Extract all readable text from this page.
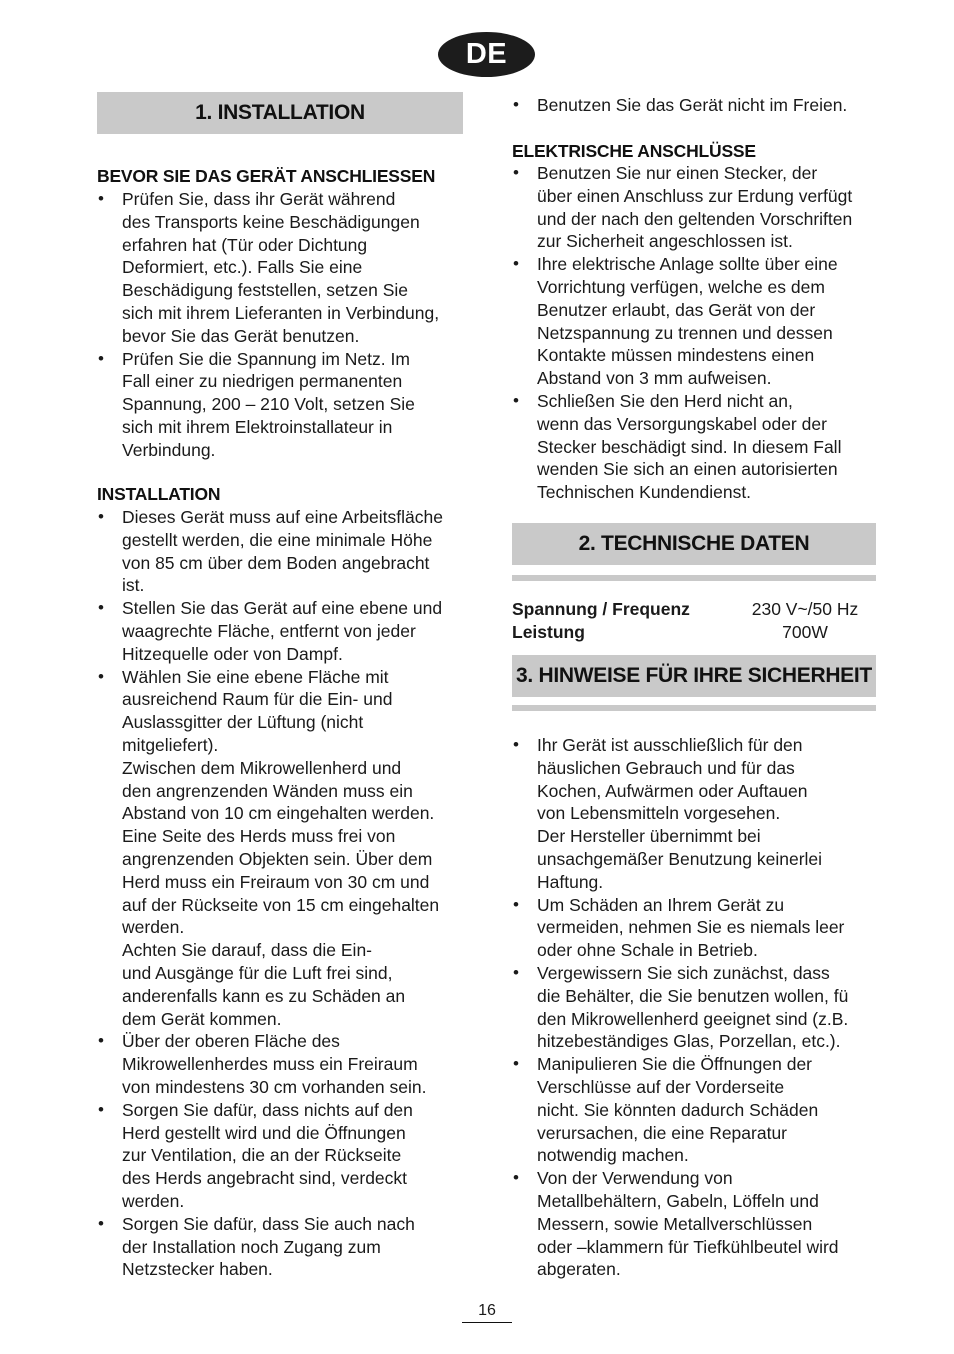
DE
1. INSTALLATION
BEVOR SIE DAS GERÄT ANSCHLIESSEN
• Prüfen Sie, dass ihr Gerät während
des Transports keine Beschädigungen
erfahren hat (Tür oder Dichtung
Deformiert, etc.). Falls Sie eine
Beschädigung feststellen, setzen Sie
sich mit ihrem Lieferanten in Verbindung,
bevor Sie das Gerät benutzen.
• Prüfen Sie die Spannung im Netz. Im
Fall einer zu niedrigen permanenten
Spannung, 200 – 210 Volt, setzen Sie
sich mit ihrem Elektroinstallateur in
Verbindung.
INSTALLATION
• Dieses Gerät muss auf eine Arbeitsfläche
gestellt werden, die eine minimale Höhe
von 85 cm über dem Boden angebracht
ist.
• Stellen Sie das Gerät auf eine ebene und
waagrechte Fläche, entfernt von jeder
Hitzequelle oder von Dampf.
• Wählen Sie eine ebene Fläche mit
ausreichend Raum für die Ein- und
Auslassgitter der Lüftung (nicht
mitgeliefert).
Zwischen dem Mikrowellenherd und
den angrenzenden Wänden muss ein
Abstand von 10 cm eingehalten werden.
Eine Seite des Herds muss frei von
angrenzenden Objekten sein. Über dem
Herd muss ein Freiraum von 30 cm und
auf der Rückseite von 15 cm eingehalten
werden.
Achten Sie darauf, dass die Ein-
und Ausgänge für die Luft frei sind,
anderenfalls kann es zu Schäden an
dem Gerät kommen.
• Über der oberen Fläche des
Mikrowellenherdes muss ein Freiraum
von mindestens 30 cm vorhanden sein.
• Sorgen Sie dafür, dass nichts auf den
Herd gestellt wird und die Öffnungen
zur Ventilation, die an der Rückseite
des Herds angebracht sind, verdeckt
werden.
• Sorgen Sie dafür, dass Sie auch nach
der Installation noch Zugang zum
Netzstecker haben.
• Benutzen Sie das Gerät nicht im Freien.
ELEKTRISCHE ANSCHLÜSSE
• Benutzen Sie nur einen Stecker, der
über einen Anschluss zur Erdung verfügt
und der nach den geltenden Vorschriften
zur Sicherheit angeschlossen ist.
• Ihre elektrische Anlage sollte über eine
Vorrichtung verfügen, welche es dem
Benutzer erlaubt, das Gerät von der
Netzspannung zu trennen und dessen
Kontakte müssen mindestens einen
Abstand von 3 mm aufweisen.
• Schließen Sie den Herd nicht an,
wenn das Versorgungskabel oder der
Stecker beschädigt sind. In diesem Fall
wenden Sie sich an einen autorisierten
Technischen Kundendienst.
2. TECHNISCHE DATEN
Spannung / Frequenz	230 V~/50 Hz
Leistung	700W
3. HINWEISE FÜR IHRE SICHERHEIT
• Ihr Gerät ist ausschließlich für den
häuslichen Gebrauch und für das
Kochen, Aufwärmen oder Auftauen
von Lebensmitteln vorgesehen.
Der Hersteller übernimmt bei
unsachgemäßer Benutzung keinerlei
Haftung.
• Um Schäden an Ihrem Gerät zu
vermeiden, nehmen Sie es niemals leer
oder ohne Schale in Betrieb.
• Vergewissern Sie sich zunächst, dass
die Behälter, die Sie benutzen wollen, fü
den Mikrowellenherd geeignet sind (z.B.
hitzebeständiges Glas, Porzellan, etc.).
• Manipulieren Sie die Öffnungen der
Verschlüsse auf der Vorderseite
nicht. Sie könnten dadurch Schäden
verursachen, die eine Reparatur
notwendig machen.
• Von der Verwendung von
Metallbehältern, Gabeln, Löffeln und
Messern, sowie Metallverschlüssen
oder –klammern für Tiefkühlbeutel wird
abgeraten.
16
